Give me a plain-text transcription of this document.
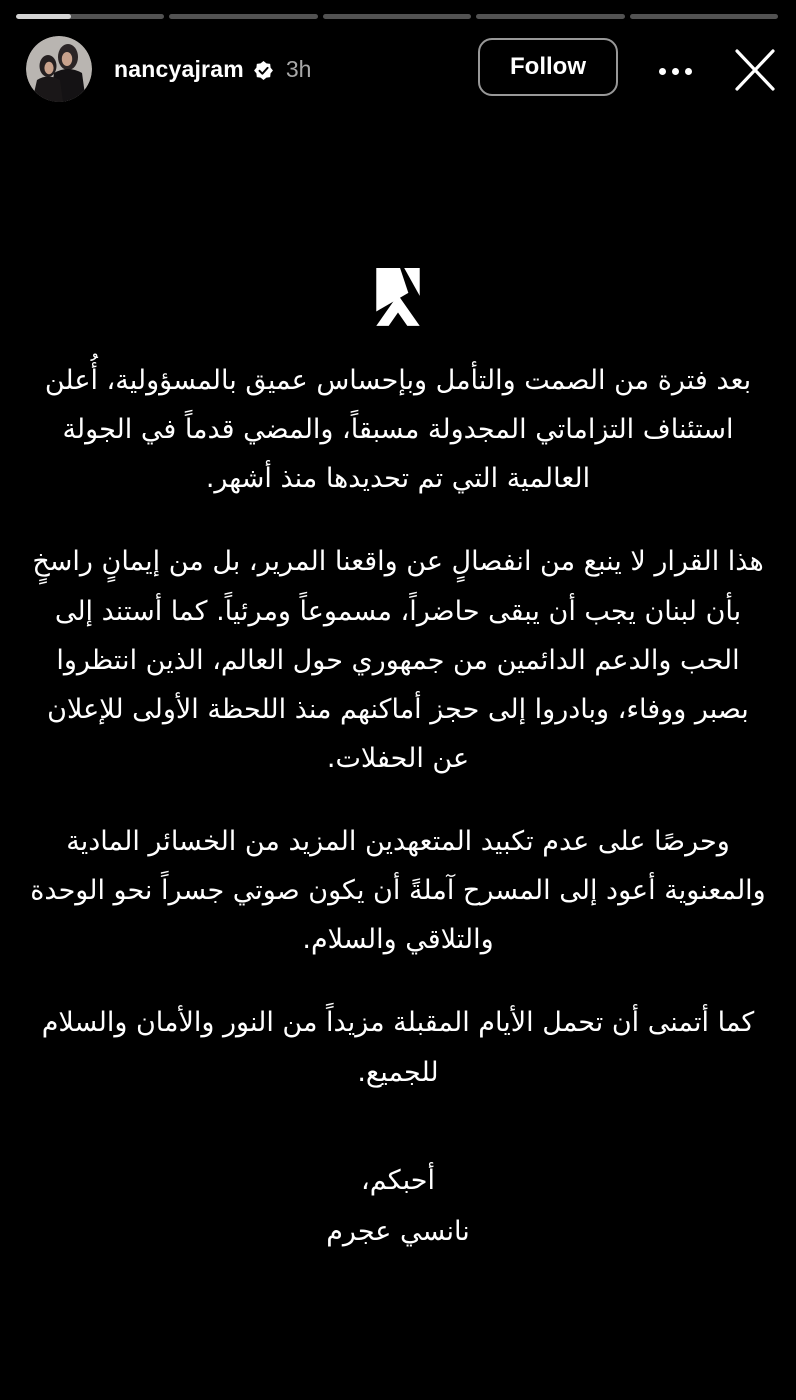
nancyajram 3h	Follow

بعد فترة من الصمت والتأمل وبإحساس عميق بالمسؤولية، أُعلن استئناف التزاماتي المجدولة مسبقاً، والمضي قدماً في الجولة العالمية التي تم تحديدها منذ أشهر.

هذا القرار لا ينبع من انفصالٍ عن واقعنا المرير، بل من إيمانٍ راسخٍ بأن لبنان يجب أن يبقى حاضراً، مسموعاً ومرئياً. كما أستند إلى الحب والدعم الدائمين من جمهوري حول العالم، الذين انتظروا بصبر ووفاء، وبادروا إلى حجز أماكنهم منذ اللحظة الأولى للإعلان عن الحفلات.

وحرصًا على عدم تكبيد المتعهدين المزيد من الخسائر المادية والمعنوية أعود إلى المسرح آملةً أن يكون صوتي جسراً نحو الوحدة والتلاقي والسلام.

كما أتمنى أن تحمل الأيام المقبلة مزيداً من النور والأمان والسلام للجميع.

أحبكم،
نانسي عجرم
